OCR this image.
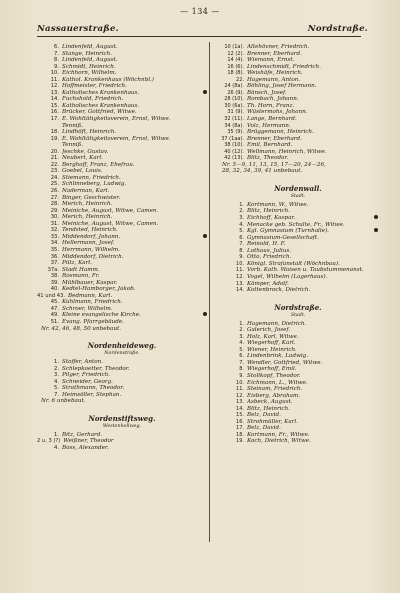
— 134 —
Nassauerstraße.	Nordstraße.
6. Lindenfeld, August.
7. Stange, Heinrich.
8. Lindenfeld, August.
9. Schmidt, Heinrich.
10. Eichhorn, Wilhelm.
11. Kathol. Krankenhaus (Wöchnbl.)
12. Hoffmeister, Friedrich.
13. Katholisches Krankenhaus.
14. Fuchshold, Friedrich.
15. Katholisches Krankenhaus.
16. Brücker, Gottfried, Witwe.
17. E. Wohltätigkeitsverein, Ernst, Witwe.
Tenniß.
18. Lindhöft, Heinrich.
19. E. Wohltätigkeitsverein, Ernst, Witwe.
Tenniß.
20. Jeschke, Gustav.
21. Neubert, Karl.
22. Berghoff, Franz, Ehefrau.
23. Goebel, Louis.
24. Stiemann, Friedrich.
25. Schlinneberg, Ludwig.
26. Naderman, Karl.
27. Binger, Geschwister.
28. Merich, Heinrich.
29. Meiniche, August, Witwe, Camen.
30. Merich, Heinrich.
31. Meiniche, August, Witwe, Camen.
32. Tendsted, Heinrich.
33. Middendorf, Johann.
34. Hellermann, Josef.
35. Herrmann, Wilhelm.
36. Middendorf, Dietrich.
37. Pütz, Karl.
37a. Stadt Hamm.
38. Rosmann, Fr.
39. Mühlbauer, Kaspar.
40. Kedtel-Hamborger, Jakob.
41 und 43. Bedmann, Karl.
45. Kuhlmann, Friedrich.
47. Schroer, Wilhelm.
49. Kleine evangelische Kirche.
51. Evang. Pfarrgebäude.
Nr. 42, 46, 48, 50 unbebaut.
Nordenheideweg.
Nordenstraße.
1. Stoffer, Anton.
2. Schlepkoetter, Theodor.
3. Pilger, Friedrich.
4. Schneider, Georg.
5. Strathmann, Theodor.
7. Heimsöller, Stephan.
Nr. 6 unbebaut.
Nordenstiftsweg.
Westenhellweg.
1. Bitz, Gerhard.
2 u. 3 (?) Weißner, Theodor
4. Boss, Alexander.
10 (1a). Altehövner, Friedrich.
12 (2). Brenner, Eberhard.
14 (4). Wiemann, Ernst.
16 (6). Lindenschmidt, Friedrich.
18 (8). Weishäfe, Heinrich.
22. Hagemann, Anton.
24 (8a). Böhling, Josef Hermann.
26 (9). Bänsch, Josef.
28 (10). Rombach, Johann.
30 (6a). Th. Horn, Franz.
31 (9). Wüstermohs, Johann.
32 (11). Lange, Bernhard.
34 (8a). Volz, Hermann.
35 (9). Brüggemann, Heinrich.
37 (1aa). Brenner, Eberhard.
38 (10). Emil, Bernhard.
40 (12). Wellmann, Heinrich, Witwe.
42 (13). Blitz, Theodor.
Nr. 5—9, 11, 13, 15, 17—20, 24—26,
28, 32, 34, 39, 41 unbebaut.
Nordenwall.
Stadt.
1. Kortmann, W., Witwe.
2. Blitz, Heinrich.
3. Eichhoff, Kaspar.
4. Menacke geb. Schulte, Fr., Witwe.
5. Kgl. Gymnasium (Turnhalle).
6. Gymnasium-Gesellschaft.
7. Reinold, H. F.
8. Lothaus, Julius.
9. Otto, Friedrich.
10. Königl. Strafanstalt (Wöchnbau).
11. Vorb. Kath. Waisen u. Taubstummenanst.
12. Vogel, Wilhelm (Lagerhaus).
13. Kämper, Adolf.
14. Kottenbrock, Dietrich.
Nordstraße.
Stadt.
1. Hagemann, Dietrich.
2. Galerich, Josef.
3. Holz, Karl, Witwe.
4. Wiegerhoff, Karl.
5. Wiener, Heinrich.
6. Lindenbrink, Ludwig.
7. Wendler, Gottfried, Witwe.
8. Wiegerhoff, Emil.
9. Stollkopf, Theodor.
10. Eichmann, L., Witwe.
11. Steinam, Friedrich.
12. Eisberg, Abraham.
13. Asbeck, August.
14. Blitz, Heinrich.
15. Belz, David.
16. Strohmüller, Karl.
17. Belz, David.
18. Kortmann, Fr., Witwe.
19. Koch, Dietrich, Witwe.
